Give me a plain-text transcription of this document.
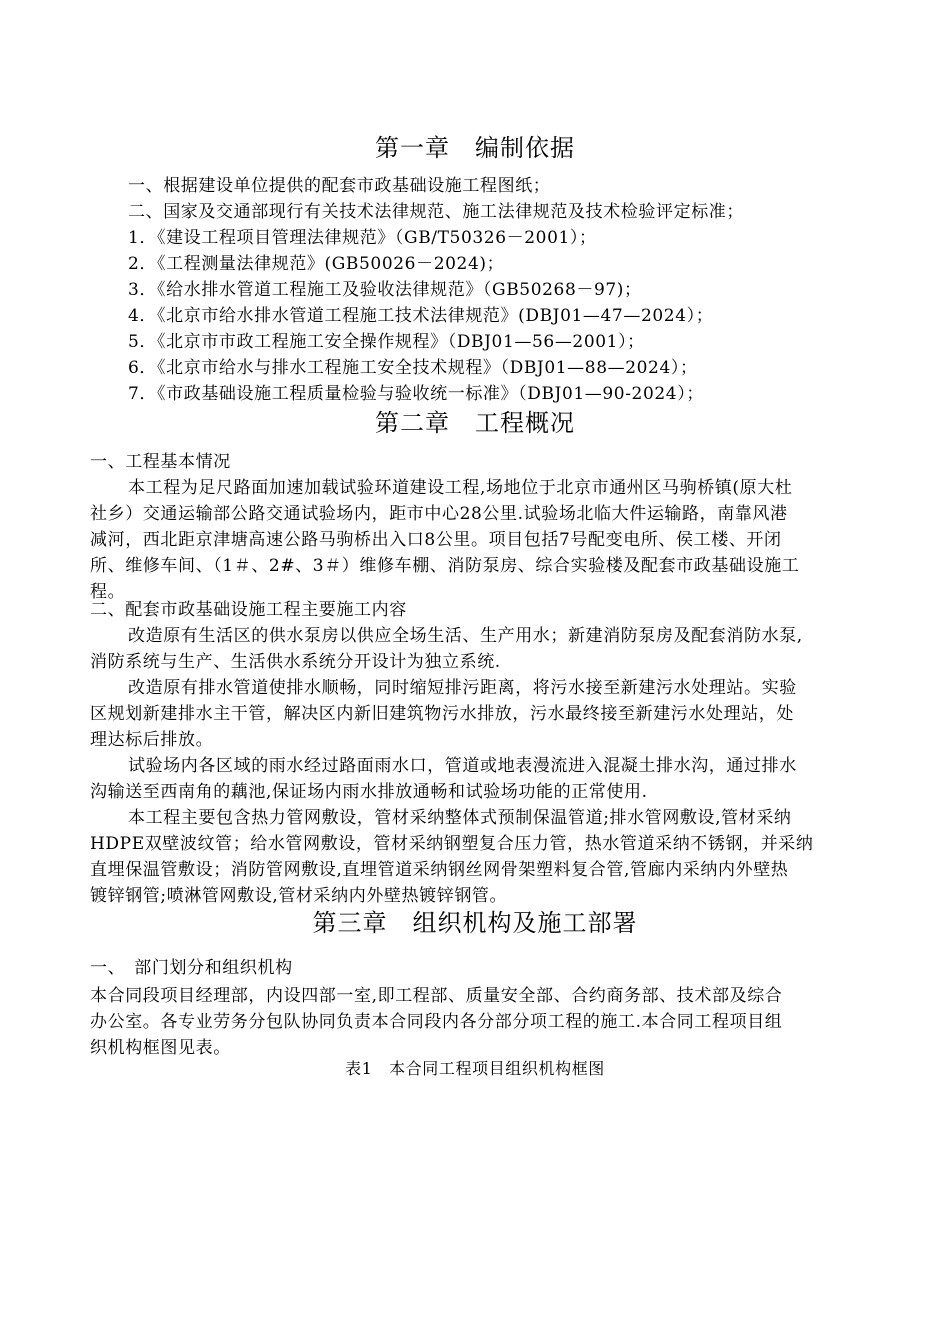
第一章　编制依据
一、根据建设单位提供的配套市政基础设施工程图纸；
二、国家及交通部现行有关技术法律规范、施工法律规范及技术检验评定标准；
1．《建设工程项目管理法律规范》（GB/T50326－2001）；
2．《工程测量法律规范》(GB50026－2024)；
3．《给水排水管道工程施工及验收法律规范》（GB50268－97)；
4．《北京市给水排水管道工程施工技术法律规范》(DBJ01—47—2024）；
5．《北京市市政工程施工安全操作规程》（DBJ01—56—2001）；
6．《北京市给水与排水工程施工安全技术规程》（DBJ01—88—2024）；
7．《市政基础设施工程质量检验与验收统一标准》（DBJ01—90-2024）；
第二章　工程概况
一、工程基本情况
本工程为足尺路面加速加载试验环道建设工程,场地位于北京市通州区马驹桥镇(原大杜
社乡）交通运输部公路交通试验场内，距市中心28公里.试验场北临大件运输路，南靠风港
减河，西北距京津塘高速公路马驹桥出入口8公里。项目包括7号配变电所、侯工楼、开闭
所、维修车间、（1＃、2#、3＃）维修车棚、消防泵房、综合实验楼及配套市政基础设施工
程。
二、配套市政基础设施工程主要施工内容
改造原有生活区的供水泵房以供应全场生活、生产用水；新建消防泵房及配套消防水泵,
消防系统与生产、生活供水系统分开设计为独立系统.
改造原有排水管道使排水顺畅，同时缩短排污距离，将污水接至新建污水处理站。实验
区规划新建排水主干管，解决区内新旧建筑物污水排放，污水最终接至新建污水处理站，处
理达标后排放。
试验场内各区域的雨水经过路面雨水口，管道或地表漫流进入混凝土排水沟，通过排水
沟输送至西南角的藕池,保证场内雨水排放通畅和试验场功能的正常使用.
本工程主要包含热力管网敷设，管材采纳整体式预制保温管道;排水管网敷设,管材采纳
HDPE双壁波纹管；给水管网敷设，管材采纳钢塑复合压力管，热水管道采纳不锈钢，并采纳
直埋保温管敷设；消防管网敷设,直埋管道采纳钢丝网骨架塑料复合管,管廊内采纳内外壁热
镀锌钢管;喷淋管网敷设,管材采纳内外壁热镀锌钢管。
第三章　组织机构及施工部署
一、　部门划分和组织机构
本合同段项目经理部，内设四部一室,即工程部、质量安全部、合约商务部、技术部及综合
办公室。各专业劳务分包队协同负责本合同段内各分部分项工程的施工.本合同工程项目组
织机构框图见表。
表1　本合同工程项目组织机构框图
